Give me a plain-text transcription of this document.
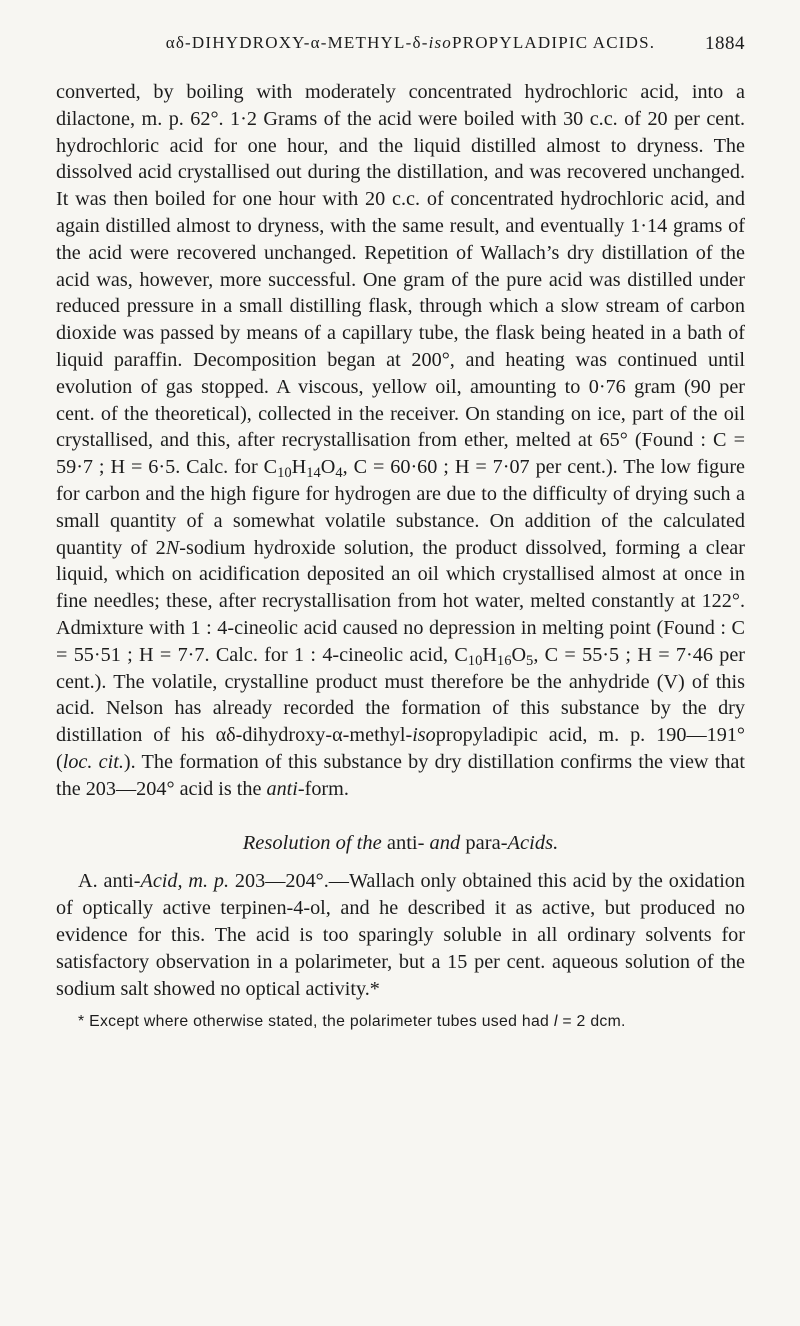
αδ-DIHYDROXY-α-METHYL-δ-isoPROPYLADIPIC ACIDS.	1884

converted, by boiling with moderately concentrated hydrochloric acid, into a dilactone, m. p. 62°. 1·2 Grams of the acid were boiled with 30 c.c. of 20 per cent. hydrochloric acid for one hour, and the liquid distilled almost to dryness. The dissolved acid crystallised out during the distillation, and was recovered unchanged. It was then boiled for one hour with 20 c.c. of concentrated hydrochloric acid, and again distilled almost to dryness, with the same result, and eventually 1·14 grams of the acid were recovered unchanged. Repetition of Wallach’s dry distillation of the acid was, however, more successful. One gram of the pure acid was distilled under reduced pressure in a small distilling flask, through which a slow stream of carbon dioxide was passed by means of a capillary tube, the flask being heated in a bath of liquid paraffin. Decomposition began at 200°, and heating was continued until evolution of gas stopped. A viscous, yellow oil, amounting to 0·76 gram (90 per cent. of the theoretical), collected in the receiver. On standing on ice, part of the oil crystallised, and this, after recrystallisation from ether, melted at 65° (Found : C = 59·7 ; H = 6·5. Calc. for $C_{10}H_{14}O_4$, C = 60·60 ; H = 7·07 per cent.). The low figure for carbon and the high figure for hydrogen are due to the difficulty of drying such a small quantity of a somewhat volatile substance. On addition of the calculated quantity of 2N-sodium hydroxide solution, the product dissolved, forming a clear liquid, which on acidification deposited an oil which crystallised almost at once in fine needles; these, after recrystallisation from hot water, melted constantly at 122°. Admixture with 1 : 4-cineolic acid caused no depression in melting point (Found : C = 55·51 ; H = 7·7. Calc. for 1 : 4-cineolic acid, $C_{10}H_{16}O_5$, C = 55·5 ; H = 7·46 per cent.). The volatile, crystalline product must therefore be the anhydride (V) of this acid. Nelson has already recorded the formation of this substance by the dry distillation of his αδ-dihydroxy-α-methyl-isopropyladipic acid, m. p. 190—191° (loc. cit.). The formation of this substance by dry distillation confirms the view that the 203—204° acid is the anti-form.

Resolution of the anti- and para-Acids.

A. anti-Acid, m. p. 203—204°.—Wallach only obtained this acid by the oxidation of optically active terpinen-4-ol, and he described it as active, but produced no evidence for this. The acid is too sparingly soluble in all ordinary solvents for satisfactory observation in a polarimeter, but a 15 per cent. aqueous solution of the sodium salt showed no optical activity.*

* Except where otherwise stated, the polarimeter tubes used had l = 2 dcm.
